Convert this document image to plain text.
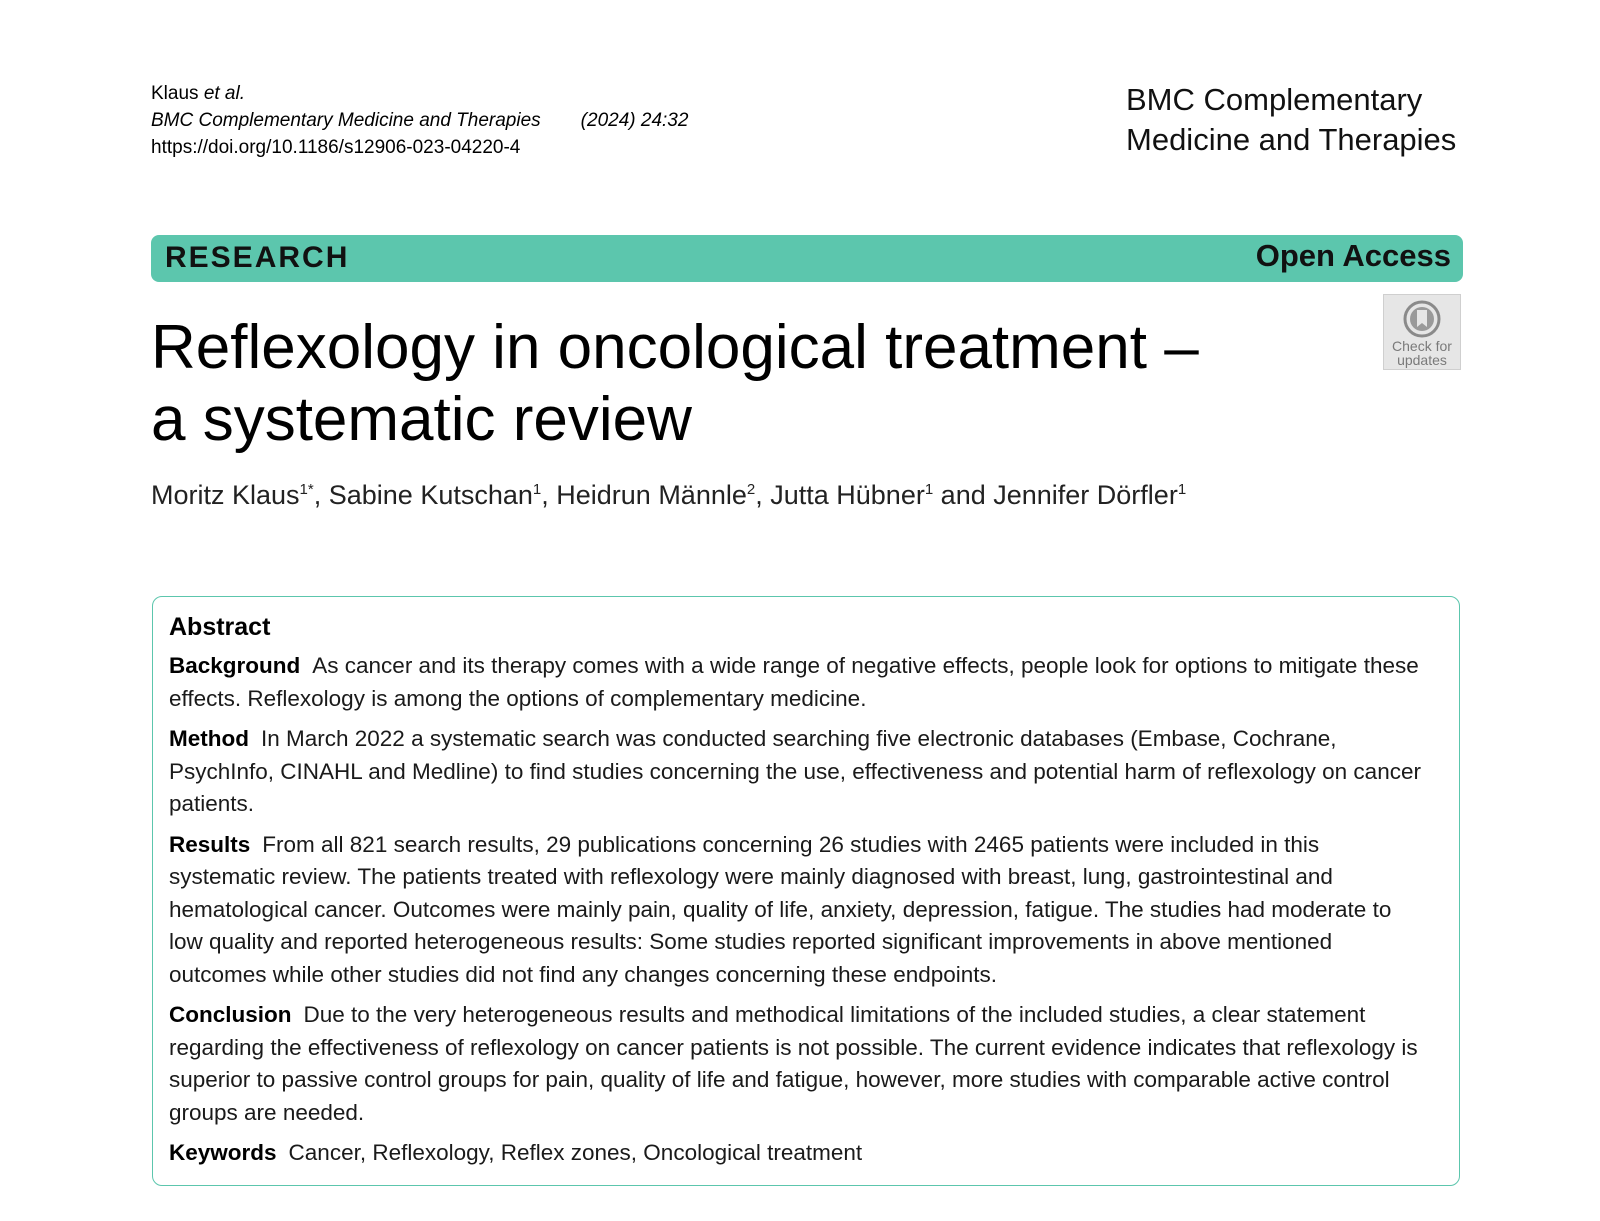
Klaus et al.
BMC Complementary Medicine and Therapies (2024) 24:32
https://doi.org/10.1186/s12906-023-04220-4
BMC Complementary
Medicine and Therapies
RESEARCH	Open Access
Check for
updates
Reflexology in oncological treatment –
a systematic review
Moritz Klaus$^{1*}$, Sabine Kutschan$^1$, Heidrun Männle$^2$, Jutta Hübner$^1$ and Jennifer Dörfler$^1$
Abstract
Background As cancer and its therapy comes with a wide range of negative effects, people look for options to mitigate these effects. Reflexology is among the options of complementary medicine.
Method In March 2022 a systematic search was conducted searching five electronic databases (Embase, Cochrane, PsychInfo, CINAHL and Medline) to find studies concerning the use, effectiveness and potential harm of reflexology on cancer patients.
Results From all 821 search results, 29 publications concerning 26 studies with 2465 patients were included in this systematic review. The patients treated with reflexology were mainly diagnosed with breast, lung, gastrointestinal and hematological cancer. Outcomes were mainly pain, quality of life, anxiety, depression, fatigue. The studies had moderate to low quality and reported heterogeneous results: Some studies reported significant improvements in above mentioned outcomes while other studies did not find any changes concerning these endpoints.
Conclusion Due to the very heterogeneous results and methodical limitations of the included studies, a clear statement regarding the effectiveness of reflexology on cancer patients is not possible. The current evidence indicates that reflexology is superior to passive control groups for pain, quality of life and fatigue, however, more studies with comparable active control groups are needed.
Keywords Cancer, Reflexology, Reflex zones, Oncological treatment
